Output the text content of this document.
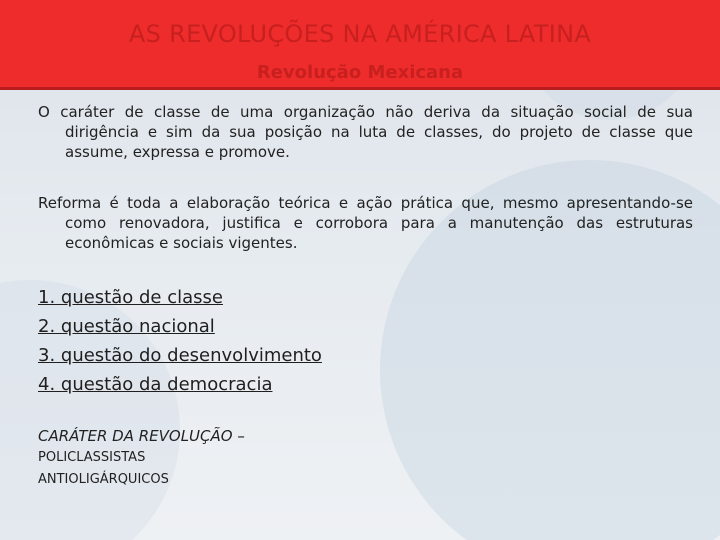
AS REVOLUÇÕES NA AMÉRICA LATINA
Revolução Mexicana
O caráter de classe de uma organização não deriva da situação social de sua dirigência e sim da sua posição na luta de classes, do projeto de classe que assume, expressa e promove.
Reforma é toda a elaboração teórica e ação prática que, mesmo apresentando-se como renovadora, justifica e corrobora para a manutenção das estruturas econômicas e sociais vigentes.
1. questão de classe
2. questão nacional
3. questão do desenvolvimento
4. questão da democracia
CARÁTER DA REVOLUÇÃO –
POLICLASSISTAS
ANTIOLIGÁRQUICOS
